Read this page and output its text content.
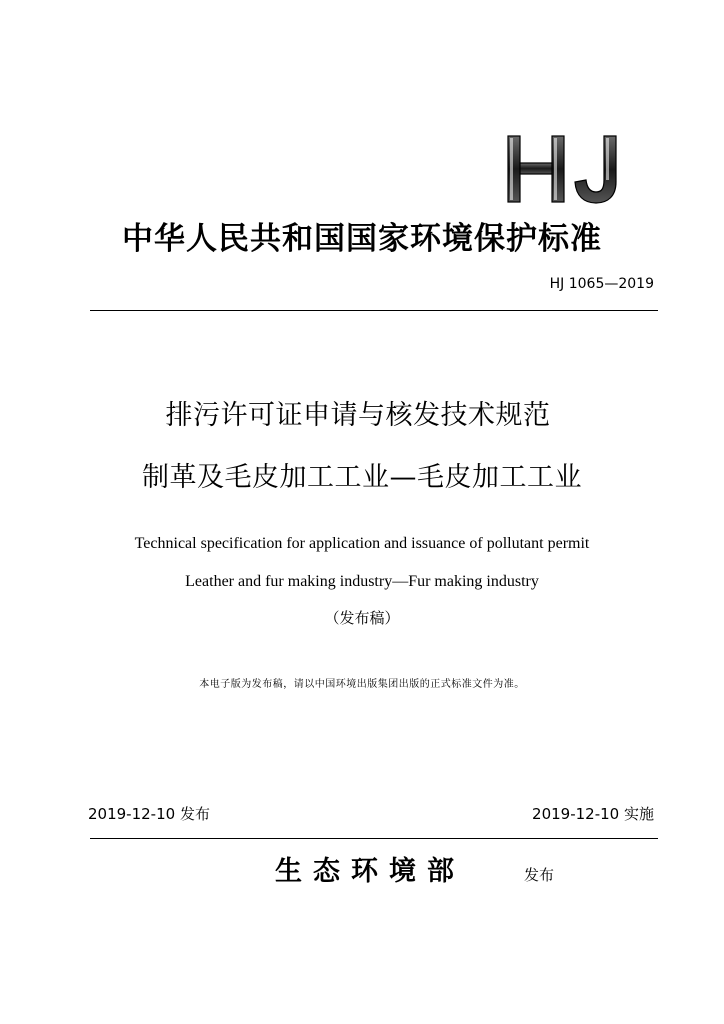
中华人民共和国国家环境保护标准
HJ 1065—2019
排污许可证申请与核发技术规范
制革及毛皮加工工业—毛皮加工工业
Technical specification for application and issuance of pollutant permit
Leather and fur making industry—Fur making industry
（发布稿）
本电子版为发布稿，请以中国环境出版集团出版的正式标准文件为准。
2019-12-10 发布	2019-12-10 实施
生态环境部	发布
